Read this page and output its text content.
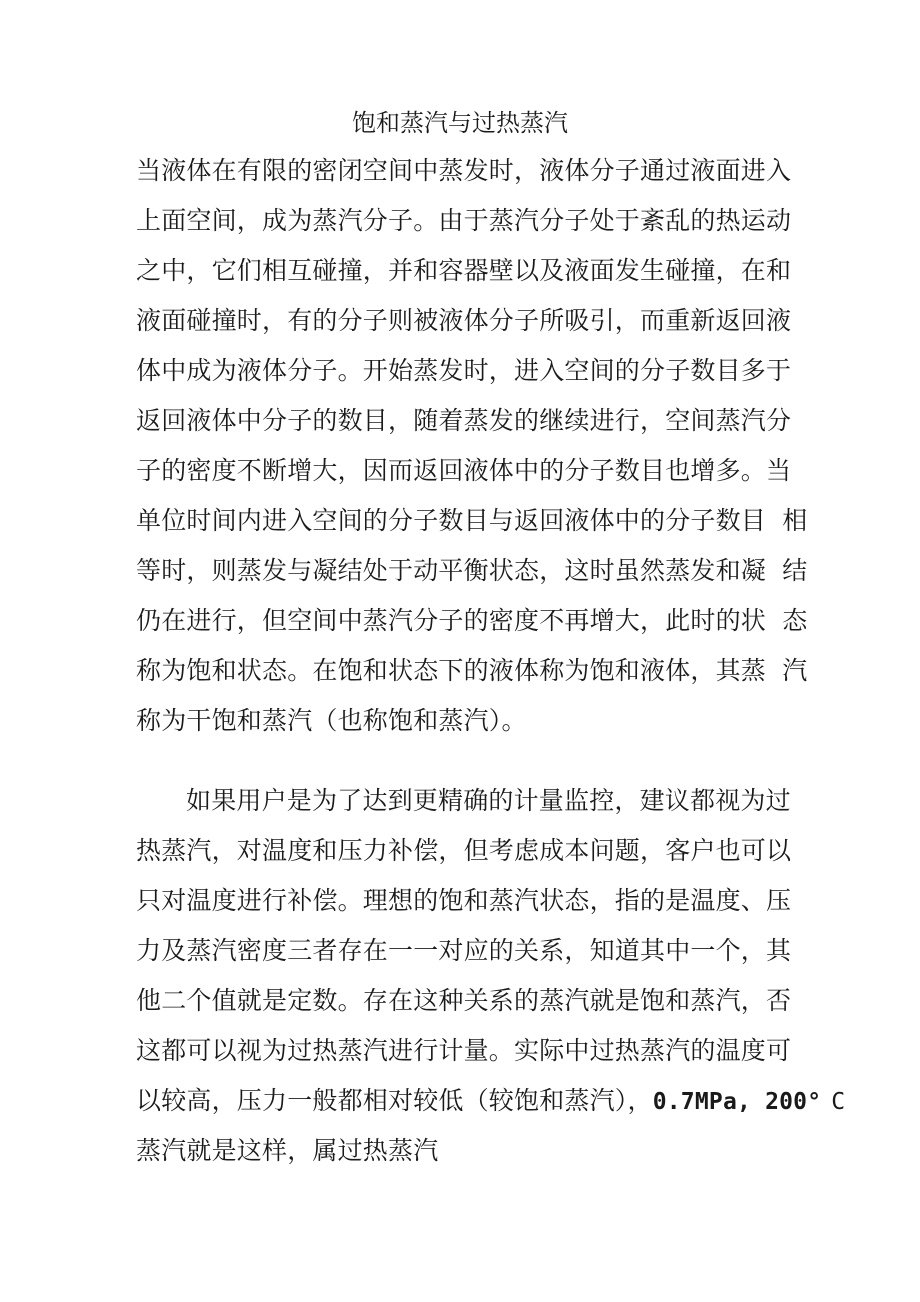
饱和蒸汽与过热蒸汽
当液体在有限的密闭空间中蒸发时，液体分子通过液面进入
上面空间，成为蒸汽分子。由于蒸汽分子处于紊乱的热运动
之中，它们相互碰撞，并和容器壁以及液面发生碰撞，在和
液面碰撞时，有的分子则被液体分子所吸引，而重新返回液
体中成为液体分子。开始蒸发时，进入空间的分子数目多于
返回液体中分子的数目，随着蒸发的继续进行，空间蒸汽分
子的密度不断增大，因而返回液体中的分子数目也增多。当
单位时间内进入空间的分子数目与返回液体中的分子数目  相
等时，则蒸发与凝结处于动平衡状态，这时虽然蒸发和凝  结
仍在进行，但空间中蒸汽分子的密度不再增大，此时的状  态
称为饱和状态。在饱和状态下的液体称为饱和液体，其蒸  汽
称为干饱和蒸汽（也称饱和蒸汽）。
如果用户是为了达到更精确的计量监控，建议都视为过
热蒸汽，对温度和压力补偿，但考虑成本问题，客户也可以
只对温度进行补偿。理想的饱和蒸汽状态，指的是温度、压
力及蒸汽密度三者存在一一对应的关系，知道其中一个，其
他二个值就是定数。存在这种关系的蒸汽就是饱和蒸汽，否
这都可以视为过热蒸汽进行计量。实际中过热蒸汽的温度可
以较高，压力一般都相对较低（较饱和蒸汽），0.7MPa, 200° C
蒸汽就是这样，属过热蒸汽
